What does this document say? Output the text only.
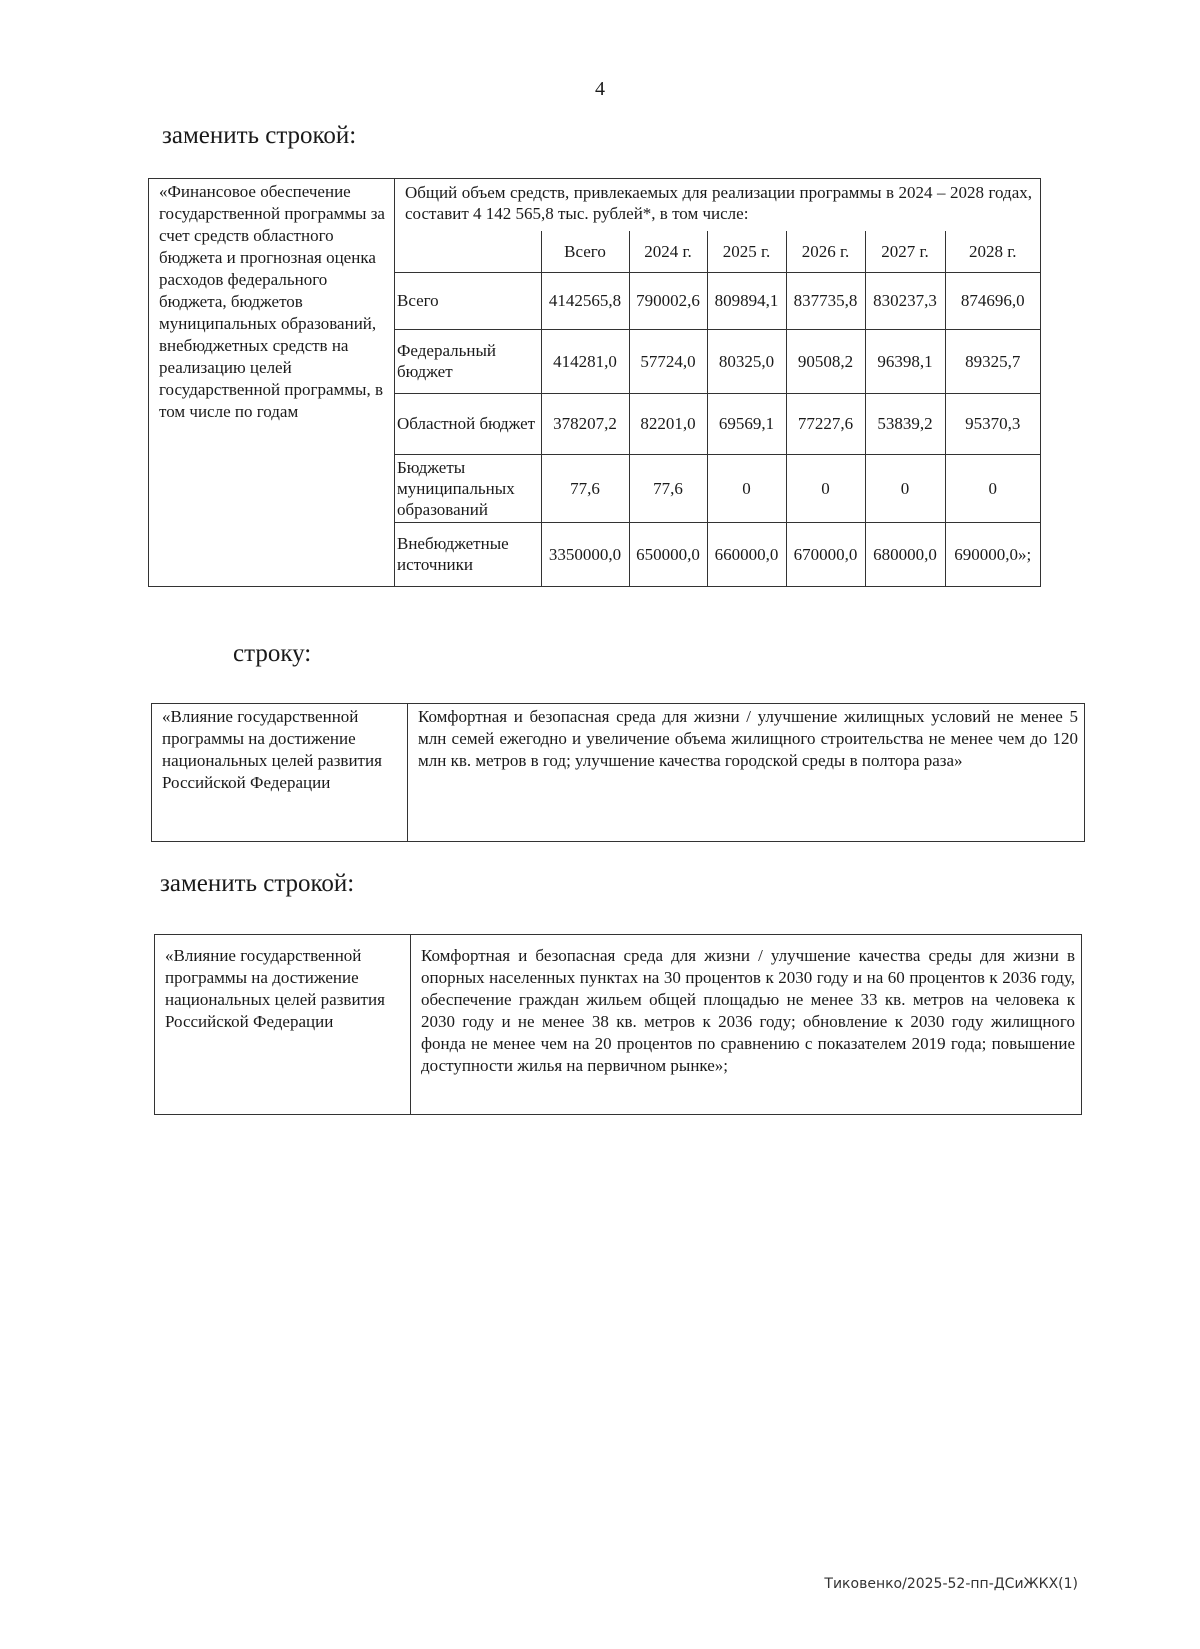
4
заменить строкой:
«Финансовое обеспечение государственной программы за счет средств областного бюджета и прогнозная оценка расходов федерального бюджета, бюджетов муниципальных образований, внебюджетных средств на реализацию целей государственной программы, в том числе по годам	
Общий объем средств, привлекаемых для реализации программы в 2024 – 2028 годах, составит 4 142 565,8 тыс. рублей*, в том числе:
	Всего	2024 г.	2025 г.	2026 г.	2027 г.	2028 г.
Всего	4142565,8	790002,6	809894,1	837735,8	830237,3	874696,0
Федеральный бюджет	414281,0	57724,0	80325,0	90508,2	96398,1	89325,7
Областной бюджет	378207,2	82201,0	69569,1	77227,6	53839,2	95370,3
Бюджеты муниципальных образований	77,6	77,6	0	0	0	0
Внебюджетные источники	3350000,0	650000,0	660000,0	670000,0	680000,0	690000,0»;
строку:
«Влияние государственной программы на достижение национальных целей развития Российской Федерации	Комфортная и безопасная среда для жизни / улучшение жилищных условий не менее 5 млн семей ежегодно и увеличение объема жилищного строительства не менее чем до 120 млн кв. метров в год; улучшение качества городской среды в полтора раза»
заменить строкой:
«Влияние государственной программы на достижение национальных целей развития Российской Федерации	Комфортная и безопасная среда для жизни / улучшение качества среды для жизни в опорных населенных пунктах на 30 процентов к 2030 году и на 60 процентов к 2036 году, обеспечение граждан жильем общей площадью не менее 33 кв. метров на человека к 2030 году и не менее 38 кв. метров к 2036 году; обновление к 2030 году жилищного фонда не менее чем на 20 процентов по сравнению с показателем 2019 года; повышение доступности жилья на первичном рынке»;
Тиковенко/2025-52-пп-ДСиЖКХ(1)
